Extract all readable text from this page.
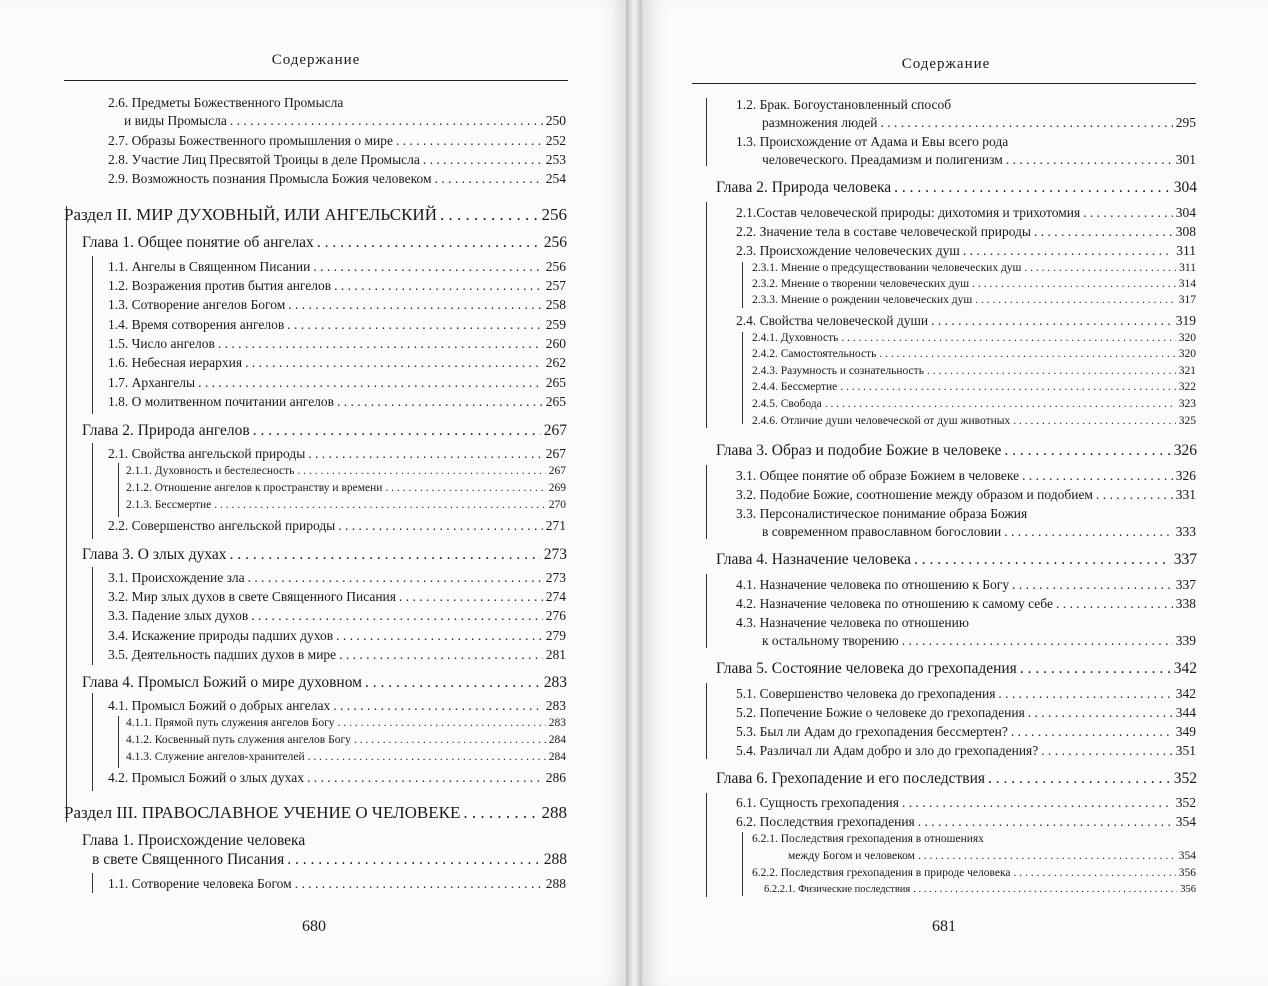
Содержание
2.6. Предметы Божественного Промысла
и виды Промысла . . .	250
2.7. Образы Божественного промышления о мире . . .	252
2.8. Участие Лиц Пресвятой Троицы в деле Промысла . . .	253
2.9. Возможность познания Промысла Божия человеком . . .	254
Раздел II. МИР ДУХОВНЫЙ, ИЛИ АНГЕЛЬСКИЙ . . .	256
Глава 1. Общее понятие об ангелах . . .	256
1.1. Ангелы в Священном Писании . . .	256
1.2. Возражения против бытия ангелов . . .	257
1.3. Сотворение ангелов Богом . . .	258
1.4. Время сотворения ангелов . . .	259
1.5. Число ангелов . . .	260
1.6. Небесная иерархия . . .	262
1.7. Архангелы . . .	265
1.8. О молитвенном почитании ангелов . . .	265
Глава 2. Природа ангелов . . .	267
2.1. Свойства ангельской природы . . .	267
2.1.1. Духовность и бестелесность . . .	267
2.1.2. Отношение ангелов к пространству и времени . . .	269
2.1.3. Бессмертие . . .	270
2.2. Совершенство ангельской природы . . .	271
Глава 3. О злых духах . . .	273
3.1. Происхождение зла . . .	273
3.2. Мир злых духов в свете Священного Писания . . .	274
3.3. Падение злых духов . . .	276
3.4. Искажение природы падших духов . . .	279
3.5. Деятельность падших духов в мире . . .	281
Глава 4. Промысл Божий о мире духовном . . .	283
4.1. Промысл Божий о добрых ангелах . . .	283
4.1.1. Прямой путь служения ангелов Богу . . .	283
4.1.2. Косвенный путь служения ангелов Богу . . .	284
4.1.3. Служение ангелов-хранителей . . .	284
4.2. Промысл Божий о злых духах . . .	286
Раздел III. ПРАВОСЛАВНОЕ УЧЕНИЕ О ЧЕЛОВЕКЕ . . .	288
Глава 1. Происхождение человека
в свете Священного Писания . . .	288
1.1. Сотворение человека Богом . . .	288
680
Содержание
1.2. Брак. Богоустановленный способ
размножения людей . . .	295
1.3. Происхождение от Адама и Евы всего рода
человеческого. Преадамизм и полигенизм . . .	301
Глава 2. Природа человека . . .	304
2.1.Состав человеческой природы: дихотомия и трихотомия . . .	304
2.2. Значение тела в составе человеческой природы . . .	308
2.3. Происхождение человеческих душ . . .	311
2.3.1. Мнение о предсуществовании человеческих душ . . .	311
2.3.2. Мнение о творении человеческих душ . . .	314
2.3.3. Мнение о рождении человеческих душ . . .	317
2.4. Свойства человеческой души . . .	319
2.4.1. Духовность . . .	320
2.4.2. Самостоятельность . . .	320
2.4.3. Разумность и сознательность . . .	321
2.4.4. Бессмертие . . .	322
2.4.5. Свобода . . .	323
2.4.6. Отличие души человеческой от душ животных . . .	325
Глава 3. Образ и подобие Божие в человеке . . .	326
3.1. Общее понятие об образе Божием в человеке . . .	326
3.2. Подобие Божие, соотношение между образом и подобием . . .	331
3.3. Персоналистическое понимание образа Божия
в современном православном богословии . . .	333
Глава 4. Назначение человека . . .	337
4.1. Назначение человека по отношению к Богу . . .	337
4.2. Назначение человека по отношению к самому себе . . .	338
4.3. Назначение человека по отношению
к остальному творению . . .	339
Глава 5. Состояние человека до грехопадения . . .	342
5.1. Совершенство человека до грехопадения . . .	342
5.2. Попечение Божие о человеке до грехопадения . . .	344
5.3. Был ли Адам до грехопадения бессмертен? . . .	349
5.4. Различал ли Адам добро и зло до грехопадения? . . .	351
Глава 6. Грехопадение и его последствия . . .	352
6.1. Сущность грехопадения . . .	352
6.2. Последствия грехопадения . . .	354
6.2.1. Последствия грехопадения в отношениях
между Богом и человеком . . .	354
6.2.2. Последствия грехопадения в природе человека . . .	356
6.2.2.1. Физические последствия . . .	356
681
